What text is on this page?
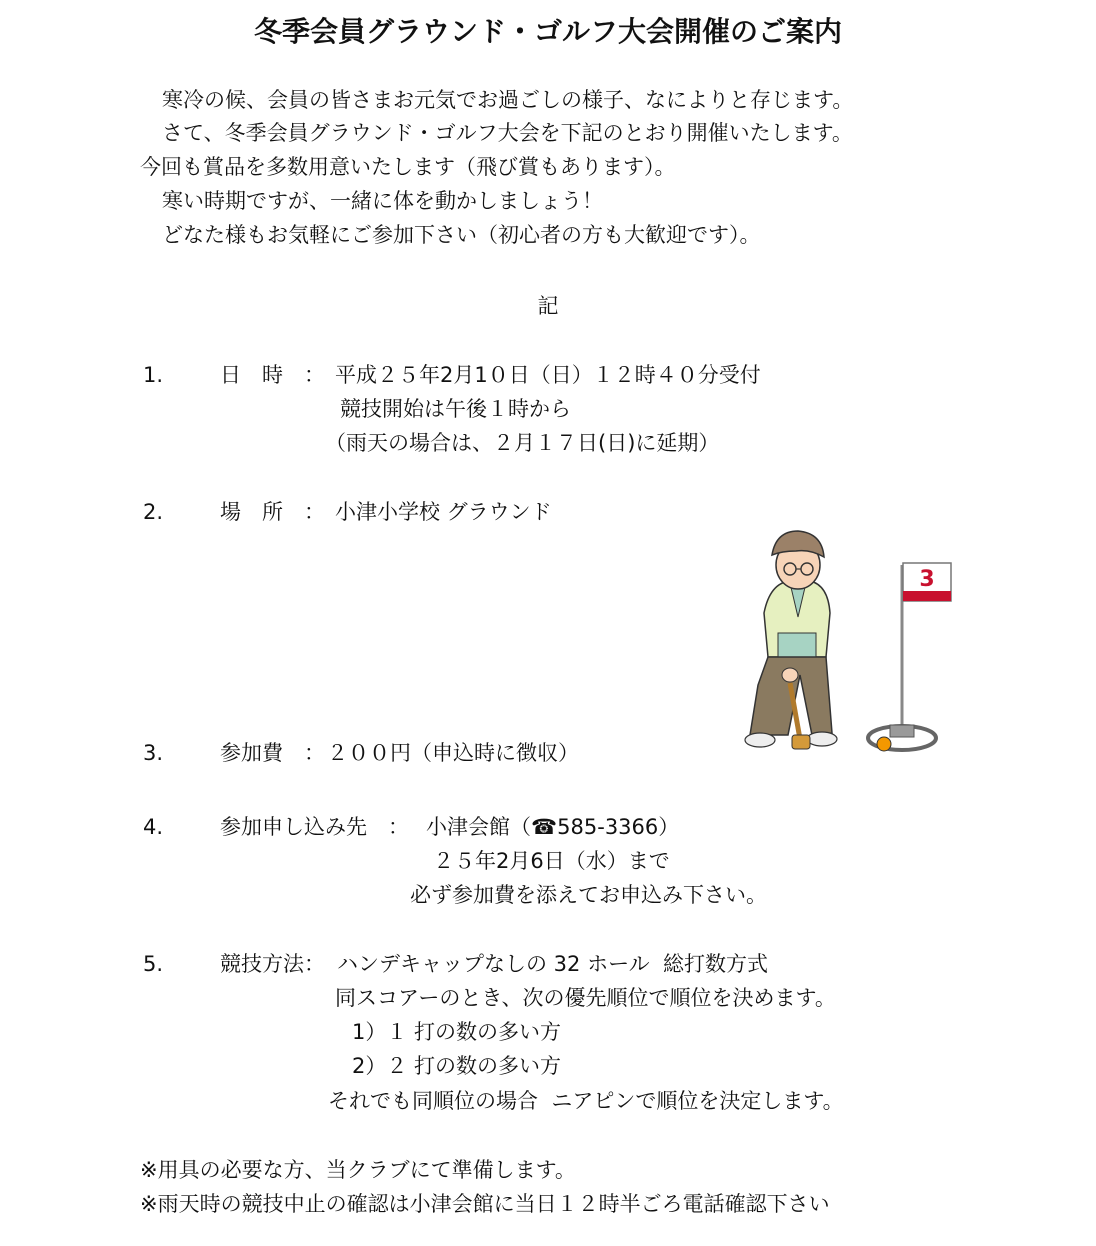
冬季会員グラウンド・ゴルフ大会開催のご案内
寒冷の候、会員の皆さまお元気でお過ごしの様子、なによりと存じます。
さて、冬季会員グラウンド・ゴルフ大会を下記のとおり開催いたします。
今回も賞品を多数用意いたします（飛び賞もあります）。
寒い時期ですが、一緒に体を動かしましょう！
どなた様もお気軽にご参加下さい（初心者の方も大歓迎です）。
記
1.	日　時　： 平成２５年2月1０日（日）１２時４０分受付
競技開始は午後１時から
（雨天の場合は、２月１７日(日)に延期）
2.	場　所　： 小津小学校 グラウンド
3
3.	参加費　： ２００円（申込時に徴収）
4.	参加申し込み先　： 小津会館（☎585-3366）
２５年2月6日（水）まで
必ず参加費を添えてお申込み下さい。
5.	競技方法： ハンデキャップなしの 32 ホール  総打数方式
同スコアーのとき、次の優先順位で順位を決めます。
1）１ 打の数の多い方
2）２ 打の数の多い方
それでも同順位の場合  ニアピンで順位を決定します。
※用具の必要な方、当クラブにて準備します。
※雨天時の競技中止の確認は小津会館に当日１２時半ごろ電話確認下さい
